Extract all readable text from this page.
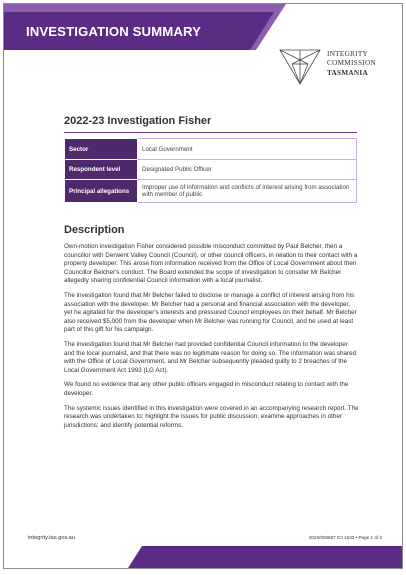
INVESTIGATION SUMMARY
INTEGRITY
COMMISSION
TASMANIA
2022-23 Investigation Fisher
Sector	Local Government
Respondent level	Designated Public Officer
Principal allegations	Improper use of information and conflicts of interest arising from association with member of public
Description

Own-motion investigation Fisher considered possible misconduct committed by Paul Belcher, then a councillor with Derwent Valley Council (Council), or other council officers, in relation to their contact with a property developer. This arose from information received from the Office of Local Government about then Councillor Belcher's conduct. The Board extended the scope of investigation to consider Mr Belcher allegedly sharing confidential Council information with a local journalist.

The investigation found that Mr Belcher failed to disclose or manage a conflict of interest arising from his association with the developer. Mr Belcher had a personal and financial association with the developer, yet he agitated for the developer's interests and pressured Council employees on their behalf. Mr Belcher also received $5,000 from the developer when Mr Belcher was running for Council, and he used at least part of this gift for his campaign.

The investigation found that Mr Belcher had provided confidential Council information to the developer and the local journalist, and that there was no legitimate reason for doing so. The information was shared with the Office of Local Government, and Mr Belcher subsequently pleaded guilty to 2 breaches of the Local Government Act 1993 (LG Act).

We found no evidence that any other public officers engaged in misconduct relating to contact with the developer.

The systemic issues identified in this investigation were covered in an accompanying research report. The research was undertaken to: highlight the issues for public discussion; examine approaches in other jurisdictions; and identify potential reforms.

integrity.tas.gov.au	2023/006887 ICI 1533 • Page 1 of 2
